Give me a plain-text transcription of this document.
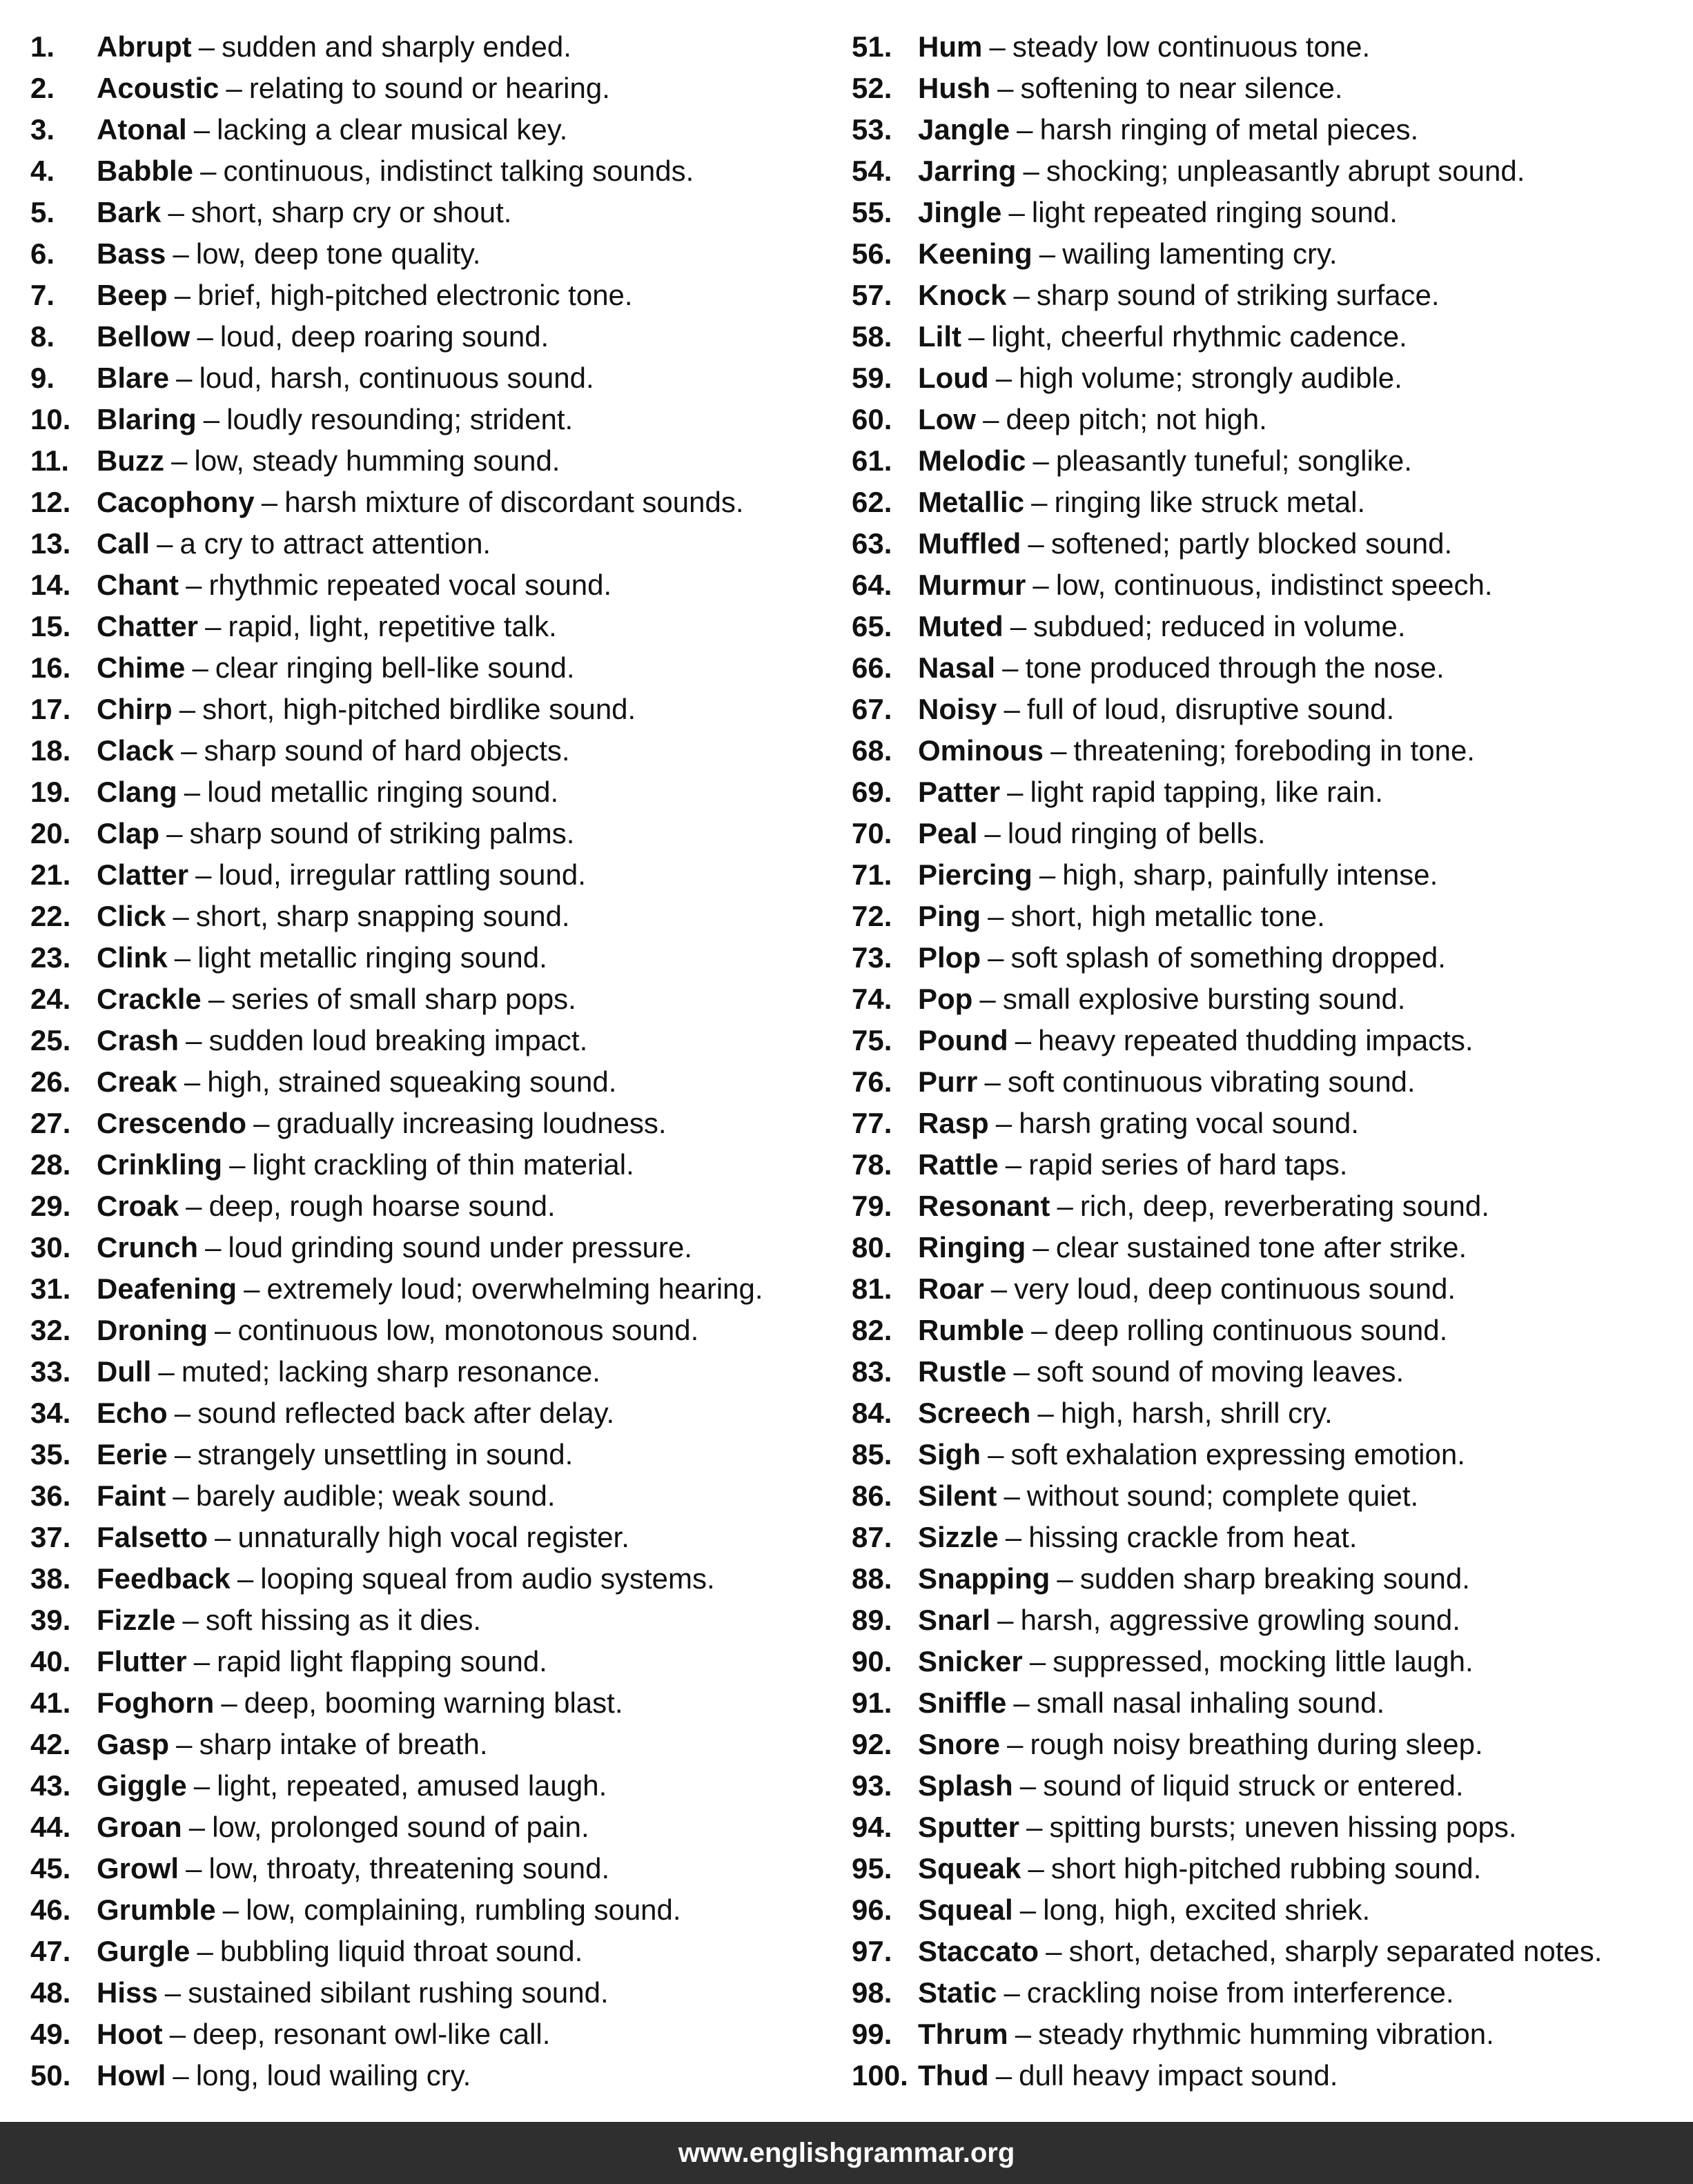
1.	Abrupt – sudden and sharply ended.
2.	Acoustic – relating to sound or hearing.
3.	Atonal – lacking a clear musical key.
4.	Babble – continuous, indistinct talking sounds.
5.	Bark – short, sharp cry or shout.
6.	Bass – low, deep tone quality.
7.	Beep – brief, high-pitched electronic tone.
8.	Bellow – loud, deep roaring sound.
9.	Blare – loud, harsh, continuous sound.
10. Blaring – loudly resounding; strident.
11. Buzz – low, steady humming sound.
12. Cacophony – harsh mixture of discordant sounds.
13. Call – a cry to attract attention.
14. Chant – rhythmic repeated vocal sound.
15. Chatter – rapid, light, repetitive talk.
16. Chime – clear ringing bell-like sound.
17. Chirp – short, high-pitched birdlike sound.
18. Clack – sharp sound of hard objects.
19. Clang – loud metallic ringing sound.
20. Clap – sharp sound of striking palms.
21. Clatter – loud, irregular rattling sound.
22. Click – short, sharp snapping sound.
23. Clink – light metallic ringing sound.
24. Crackle – series of small sharp pops.
25. Crash – sudden loud breaking impact.
26. Creak – high, strained squeaking sound.
27. Crescendo – gradually increasing loudness.
28. Crinkling – light crackling of thin material.
29. Croak – deep, rough hoarse sound.
30. Crunch – loud grinding sound under pressure.
31. Deafening – extremely loud; overwhelming hearing.
32. Droning – continuous low, monotonous sound.
33. Dull – muted; lacking sharp resonance.
34. Echo – sound reflected back after delay.
35. Eerie – strangely unsettling in sound.
36. Faint – barely audible; weak sound.
37. Falsetto – unnaturally high vocal register.
38. Feedback – looping squeal from audio systems.
39. Fizzle – soft hissing as it dies.
40. Flutter – rapid light flapping sound.
41. Foghorn – deep, booming warning blast.
42. Gasp – sharp intake of breath.
43. Giggle – light, repeated, amused laugh.
44. Groan – low, prolonged sound of pain.
45. Growl – low, throaty, threatening sound.
46. Grumble – low, complaining, rumbling sound.
47. Gurgle – bubbling liquid throat sound.
48. Hiss – sustained sibilant rushing sound.
49. Hoot – deep, resonant owl-like call.
50. Howl – long, loud wailing cry.
51. Hum – steady low continuous tone.
52. Hush – softening to near silence.
53. Jangle – harsh ringing of metal pieces.
54. Jarring – shocking; unpleasantly abrupt sound.
55. Jingle – light repeated ringing sound.
56. Keening – wailing lamenting cry.
57. Knock – sharp sound of striking surface.
58. Lilt – light, cheerful rhythmic cadence.
59. Loud – high volume; strongly audible.
60. Low – deep pitch; not high.
61. Melodic – pleasantly tuneful; songlike.
62. Metallic – ringing like struck metal.
63. Muffled – softened; partly blocked sound.
64. Murmur – low, continuous, indistinct speech.
65. Muted – subdued; reduced in volume.
66. Nasal – tone produced through the nose.
67. Noisy – full of loud, disruptive sound.
68. Ominous – threatening; foreboding in tone.
69. Patter – light rapid tapping, like rain.
70. Peal – loud ringing of bells.
71. Piercing – high, sharp, painfully intense.
72. Ping – short, high metallic tone.
73. Plop – soft splash of something dropped.
74. Pop – small explosive bursting sound.
75. Pound – heavy repeated thudding impacts.
76. Purr – soft continuous vibrating sound.
77. Rasp – harsh grating vocal sound.
78. Rattle – rapid series of hard taps.
79. Resonant – rich, deep, reverberating sound.
80. Ringing – clear sustained tone after strike.
81. Roar – very loud, deep continuous sound.
82. Rumble – deep rolling continuous sound.
83. Rustle – soft sound of moving leaves.
84. Screech – high, harsh, shrill cry.
85. Sigh – soft exhalation expressing emotion.
86. Silent – without sound; complete quiet.
87. Sizzle – hissing crackle from heat.
88. Snapping – sudden sharp breaking sound.
89. Snarl – harsh, aggressive growling sound.
90. Snicker – suppressed, mocking little laugh.
91. Sniffle – small nasal inhaling sound.
92. Snore – rough noisy breathing during sleep.
93. Splash – sound of liquid struck or entered.
94. Sputter – spitting bursts; uneven hissing pops.
95. Squeak – short high-pitched rubbing sound.
96. Squeal – long, high, excited shriek.
97. Staccato – short, detached, sharply separated notes.
98. Static – crackling noise from interference.
99. Thrum – steady rhythmic humming vibration.
100. Thud – dull heavy impact sound.
www.englishgrammar.org
